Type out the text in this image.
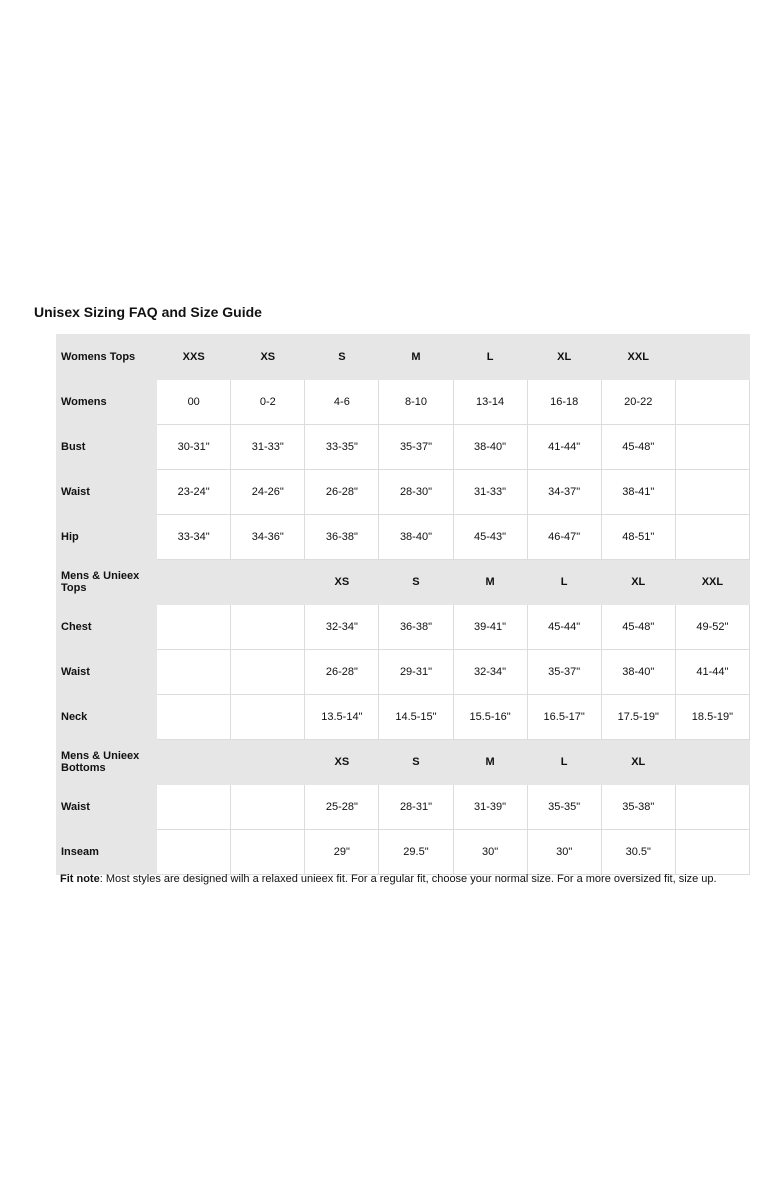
Unisex Sizing FAQ and Size Guide
Womens Tops	XXS	XS	S	M	L	XL	XXL	
Womens	00	0-2	4-6	8-10	13-14	16-18	20-22	
Bust	30-31"	31-33"	33-35"	35-37"	38-40"	41-44"	45-48"	
Waist	23-24"	24-26"	26-28"	28-30"	31-33"	34-37"	38-41"	
Hip	33-34"	34-36"	36-38"	38-40"	45-43"	46-47"	48-51"	
Mens & Unieex Tops			XS	S	M	L	XL	XXL
Chest			32-34"	36-38"	39-41"	45-44"	45-48"	49-52"
Waist			26-28"	29-31"	32-34"	35-37"	38-40"	41-44"
Neck			13.5-14"	14.5-15"	15.5-16"	16.5-17"	17.5-19"	18.5-19"
Mens & Unieex Bottoms			XS	S	M	L	XL	
Waist			25-28"	28-31"	31-39"	35-35"	35-38"	
Inseam			29"	29.5"	30"	30"	30.5"	
Fit note: Most styles are designed wilh a relaxed unieex fit. For a regular fit, choose your normal size. For a more oversized fit, size up.
